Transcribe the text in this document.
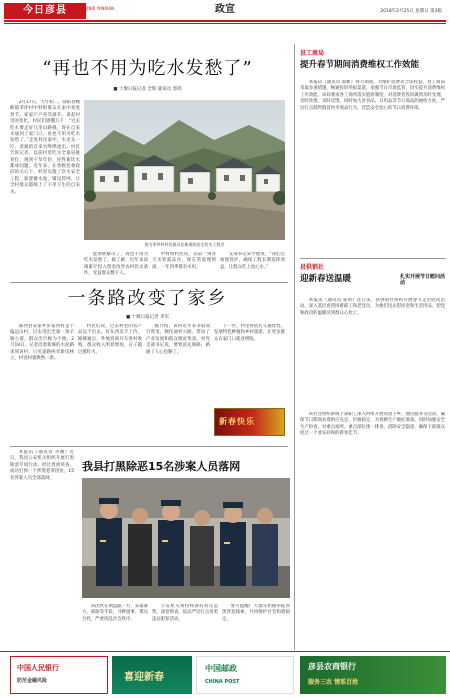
今日彦县	JINRI YANXIAN	政宣	2018年2月25日 星期日 第3版
“再也不用为吃水发愁了”
■ 十堰日报记者 全辉 通讯员 郭鸿

2月17日，大年初二，郧阳县鲍峡镇茅坪村中村组群众在家中欢度春节，家家户户喜笑颜开。谈起村里的变化，村民们感慨万千：“过去吃水要走好几里山路挑，现在自来水通到了家门口，再也不用为吃水发愁了。”走进村民家中，水龙头一拧，清澈的自来水哗哗流出。村民告诉记者，以前村里吃水全靠肩挑背扛，遇到干旱年份，连牲畜饮水都成问题。近年来，在各级党委政府的关心下，村里实施了饮水安全工程，新建蓄水池，铺设管网，让全村群众都喝上了干净卫生的自来水。

图为茅坪村村民群众在新建的安全饮水工程旁

能彻底解决了，再也不用为吃水发愁了。据了解，近年来该镇累计投入资金改善农村饮水条件，受益群众数千人。

中村组村民说，以前一到冬天水管就冻住，现在管道埋得深，一年四季都有水用。

支部书记宋学德说，“我们会加强管护，确保工程长期发挥效益，让群众吃上放心水。”

一条路改变了家乡
■ 十堰日报记者 李军

郧西县安家乡彭家湾村是个偏远山村，过去进出全靠一条羊肠小道，群众出行极为不便。2月19日，记者沿着新修的水泥路来到该村，只见道路两旁新房林立，村容村貌焕然一新。

村民们说，过去村里的农产品运不出去，好东西卖不上价。路修通后，外地客商开车进村收购，群众收入明显增加，日子越过越红火。

据介绍，该村近年来争取项目资金，硬化通村公路，带动了产业发展和群众脱贫致富。村党支部书记说，要致富先修路，路通了人心也顺了。

下一步，村里将依托交通优势，发展特色种植和乡村旅游，让更多群众在家门口就业增收。

新春快乐
县工商局
提升春节期间消费维权工作效能

本报讯（通讯员 邵彬）春节期间，为维护消费者合法权益，县工商局采取多项措施，畅通投诉举报渠道，加强节日市场监管，切实提升消费维权工作效能。该局要求各工商所落实值班制度，对消费者投诉做到及时受理、及时处理、及时反馈。同时加大对食品、日用品等节日商品的抽检力度，严厉打击制售假冒伪劣商品行为，营造安全放心的节日消费环境。

县供销社
迎新春送温暖	扎实开展节日慰问活动

本报讯（通讯员 张明）连日来，县供销社组织开展春节走访慰问活动，深入基层看望困难职工和老党员，为他们送去慰问金和生活用品，把党和政府的温暖送到群众心坎上。

该社还组织系统干部职工深入村组开展农资下乡、便民服务等活动，确保节日期间农资供应充足、价格稳定，为春耕生产做好准备。同时加强安全生产检查，对重点场所、重点部位逐一排查，消除安全隐患，确保干部群众度过一个欢乐祥和的新春佳节。

本报讯（通讯员 李刚）近日，我县公安机关组织开展打黑除恶专项行动，经过周密侦查，成功打掉一个涉黑犯罪团伙，15名涉案人员全部落网。

我县打黑除恶15名涉案人员落网

该团伙长期盘踞一方，采取暴力、威胁等手段，寻衅滋事，欺压百姓，严重扰乱社会秩序。

公安机关将持续保持高压态势，深挖彻查，依法严厉打击各类违法犯罪活动。

警方提醒广大群众积极举报涉黑涉恶线索，共同维护社会和谐稳定。

中国人民银行
防范金融风险	喜迎新春
中国邮政
CHINA POST
彦县农商银行
服务三农 情系百姓
